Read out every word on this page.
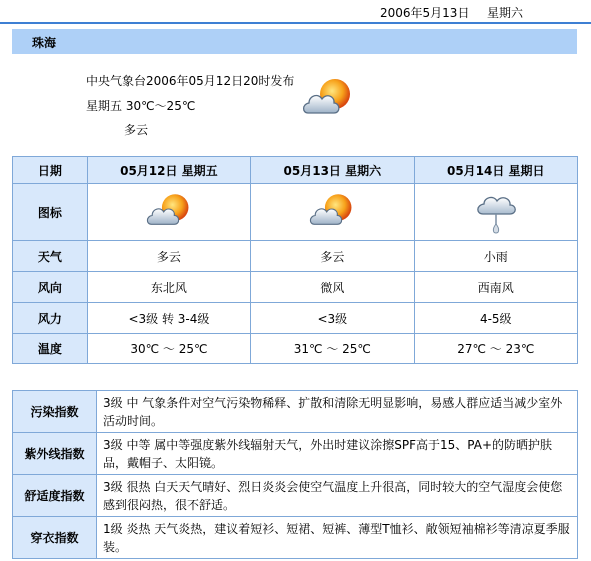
2006年5月13日 星期六
珠海
中央气象台2006年05月12日20时发布
星期五 30℃～25℃
多云
日期	05月12日 星期五	05月13日 星期六	05月14日 星期日
图标	

天气	多云	多云	小雨
风向	东北风	微风	西南风
风力	<3级 转 3-4级	<3级	4-5级
温度	30℃ ～ 25℃	31℃ ～ 25℃	27℃ ～ 23℃
污染指数	3级 中 气象条件对空气污染物稀释、扩散和清除无明显影响，易感人群应适当减少室外活动时间。
紫外线指数	3级 中等 属中等强度紫外线辐射天气，外出时建议涂擦SPF高于15、PA+的防晒护肤品，戴帽子、太阳镜。
舒适度指数	3级 很热 白天天气晴好、烈日炎炎会使空气温度上升很高，同时较大的空气湿度会使您感到很闷热，很不舒适。
穿衣指数	1级 炎热 天气炎热，建议着短衫、短裙、短裤、薄型T恤衫、敞领短袖棉衫等清凉夏季服装。
